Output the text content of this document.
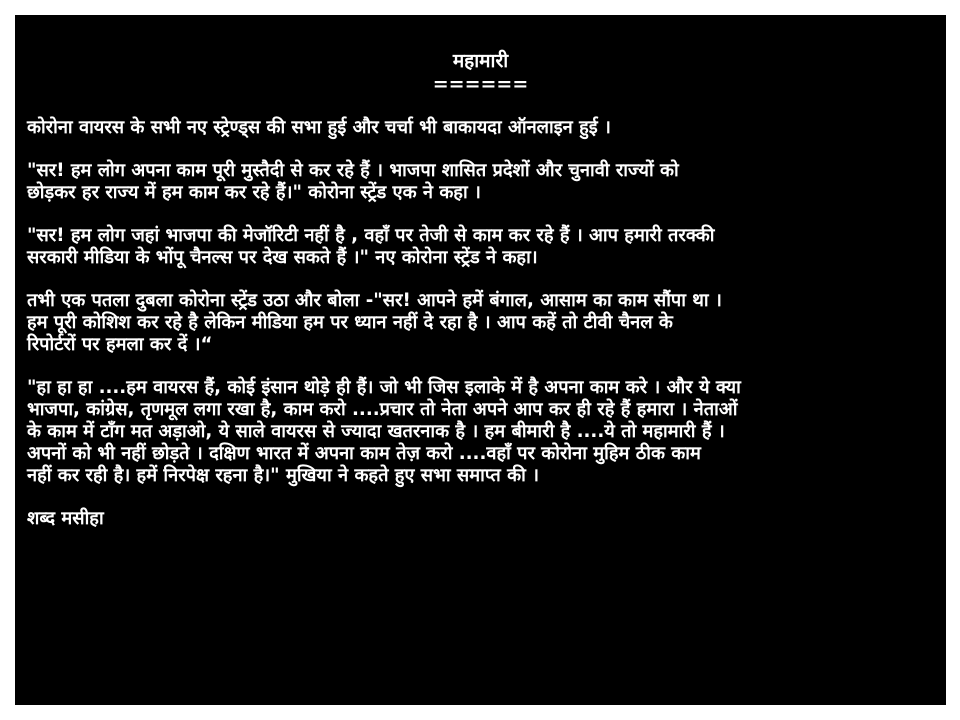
महामारी
======

कोरोना वायरस के सभी नए स्ट्रेण्ड्स की सभा हुई और चर्चा भी बाकायदा ऑनलाइन हुई ।

"सर! हम लोग अपना काम पूरी मुस्तैदी से कर रहे हैं । भाजपा शासित प्रदेशों और चुनावी राज्यों को
छोड़कर हर राज्य में हम काम कर रहे हैं।" कोरोना स्ट्रेंड एक ने कहा ।

"सर! हम लोग जहां भाजपा की मेजॉरिटी नहीं है , वहाँ पर तेजी से काम कर रहे हैं । आप हमारी तरक्की
सरकारी मीडिया के भोंपू चैनल्स पर देख सकते हैं ।" नए कोरोना स्ट्रेंड ने कहा।

तभी एक पतला दुबला कोरोना स्ट्रेंड उठा और बोला -"सर! आपने हमें बंगाल, आसाम का काम सौंपा था ।
हम पूरी कोशिश कर रहे है लेकिन मीडिया हम पर ध्यान नहीं दे रहा है । आप कहें तो टीवी चैनल के
रिपोर्टरों पर हमला कर दें ।“

"हा हा हा ....हम वायरस हैं, कोई इंसान थोड़े ही हैं। जो भी जिस इलाके में है अपना काम करे । और ये क्या
भाजपा, कांग्रेस, तृणमूल लगा रखा है, काम करो ....प्रचार तो नेता अपने आप कर ही रहे हैं हमारा । नेताओं
के काम में टाँग मत अड़ाओ, ये साले वायरस से ज्यादा खतरनाक है । हम बीमारी है ....ये तो महामारी हैं ।
अपनों को भी नहीं छोड़ते । दक्षिण भारत में अपना काम तेज़ करो ....वहाँ पर कोरोना मुहिम ठीक काम
नहीं कर रही है। हमें निरपेक्ष रहना है।" मुखिया ने कहते हुए सभा समाप्त की ।

शब्द मसीहा
